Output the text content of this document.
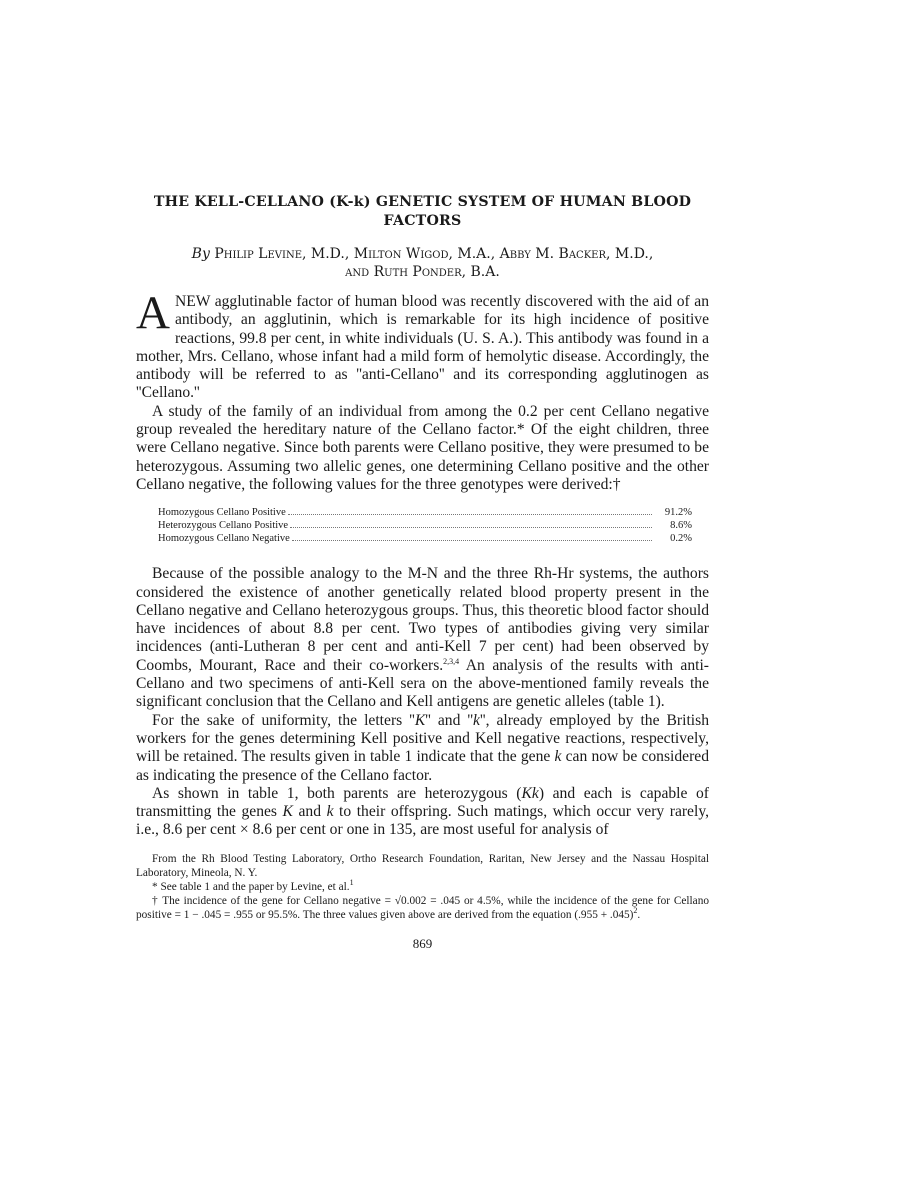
THE KELL-CELLANO (K-k) GENETIC SYSTEM OF HUMAN BLOOD
FACTORS
By Philip Levine, M.D., Milton Wigod, M.A., Abby M. Backer, M.D.,
and Ruth Ponder, B.A.

ANEW agglutinable factor of human blood was recently discovered with the aid of an antibody, an agglutinin, which is remarkable for its high incidence of positive reactions, 99.8 per cent, in white individuals (U. S. A.). This antibody was found in a mother, Mrs. Cellano, whose infant had a mild form of hemolytic disease. Accordingly, the antibody will be referred to as ''anti-Cellano'' and its corresponding agglutinogen as ''Cellano.''

A study of the family of an individual from among the 0.2 per cent Cellano negative group revealed the hereditary nature of the Cellano factor.* Of the eight children, three were Cellano negative. Since both parents were Cellano positive, they were presumed to be heterozygous. Assuming two allelic genes, one determining Cellano positive and the other Cellano negative, the following values for the three genotypes were derived:†

Homozygous Cellano Positive	91.2%
Heterozygous Cellano Positive	8.6%
Homozygous Cellano Negative	0.2%

Because of the possible analogy to the M-N and the three Rh-Hr systems, the authors considered the existence of another genetically related blood property present in the Cellano negative and Cellano heterozygous groups. Thus, this theoretic blood factor should have incidences of about 8.8 per cent. Two types of antibodies giving very similar incidences (anti-Lutheran 8 per cent and anti-Kell 7 per cent) had been observed by Coombs, Mourant, Race and their co-workers.$^{2,3,4}$ An analysis of the results with anti-Cellano and two specimens of anti-Kell sera on the above-mentioned family reveals the significant conclusion that the Cellano and Kell antigens are genetic alleles (table 1).

For the sake of uniformity, the letters ''K'' and ''k'', already employed by the British workers for the genes determining Kell positive and Kell negative reactions, respectively, will be retained. The results given in table 1 indicate that the gene k can now be considered as indicating the presence of the Cellano factor.

As shown in table 1, both parents are heterozygous (Kk) and each is capable of transmitting the genes K and k to their offspring. Such matings, which occur very rarely, i.e., 8.6 per cent × 8.6 per cent or one in 135, are most useful for analysis of

From the Rh Blood Testing Laboratory, Ortho Research Foundation, Raritan, New Jersey and the Nassau Hospital Laboratory, Mineola, N. Y.

* See table 1 and the paper by Levine, et al.$^1$

† The incidence of the gene for Cellano negative = √0.002 = .045 or 4.5%, while the incidence of the gene for Cellano positive = 1 − .045 = .955 or 95.5%. The three values given above are derived from the equation $(.955 + .045)^2$.

869
